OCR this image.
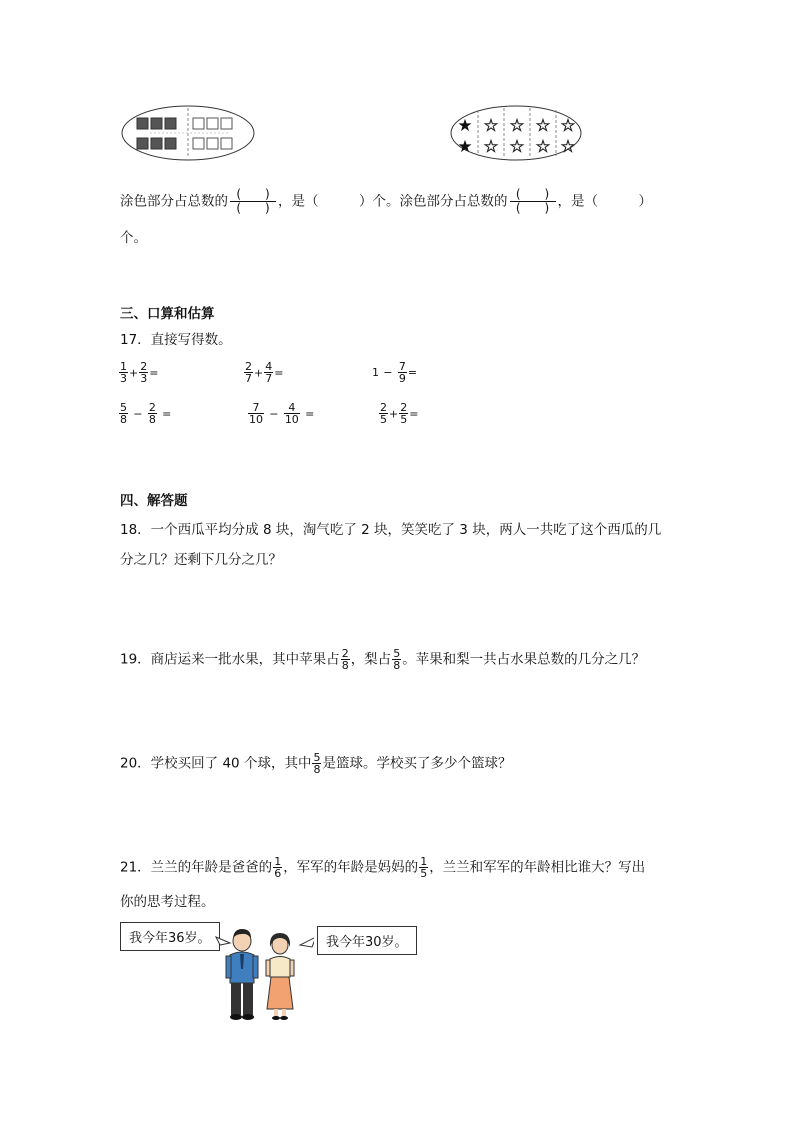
★
★
☆
☆
☆
☆
☆
☆
☆
☆
涂色部分占总数的 $\frac{( )}{( )}$ ，是（　　　）个。涂色部分占总数的 $\frac{( )}{( )}$ ，是（　　　）
个。
三、口算和估算
17．直接写得数。
$\frac{1}{3} + \frac{2}{3}$ =	$\frac{2}{7} + \frac{4}{7}$ =	$1 - \frac{7}{9}$ =
$\frac{5}{8} - \frac{2}{8}$ =	$\frac{7}{10} - \frac{4}{10}$ =	$\frac{2}{5} + \frac{2}{5}$ =
四、解答题
18．一个西瓜平均分成 8 块，淘气吃了 2 块，笑笑吃了 3 块，两人一共吃了这个西瓜的几
分之几？还剩下几分之几？
19．商店运来一批水果，其中苹果占 $\frac{2}{8}$ ，梨占 $\frac{5}{8}$ 。苹果和梨一共占水果总数的几分之几？
20．学校买回了 40 个球，其中 $\frac{5}{8}$ 是篮球。学校买了多少个篮球？
21．兰兰的年龄是爸爸的 $\frac{1}{6}$ ，军军的年龄是妈妈的 $\frac{1}{5}$ ，兰兰和军军的年龄相比谁大？写出
你的思考过程。
我今年36岁。	我今年30岁。
